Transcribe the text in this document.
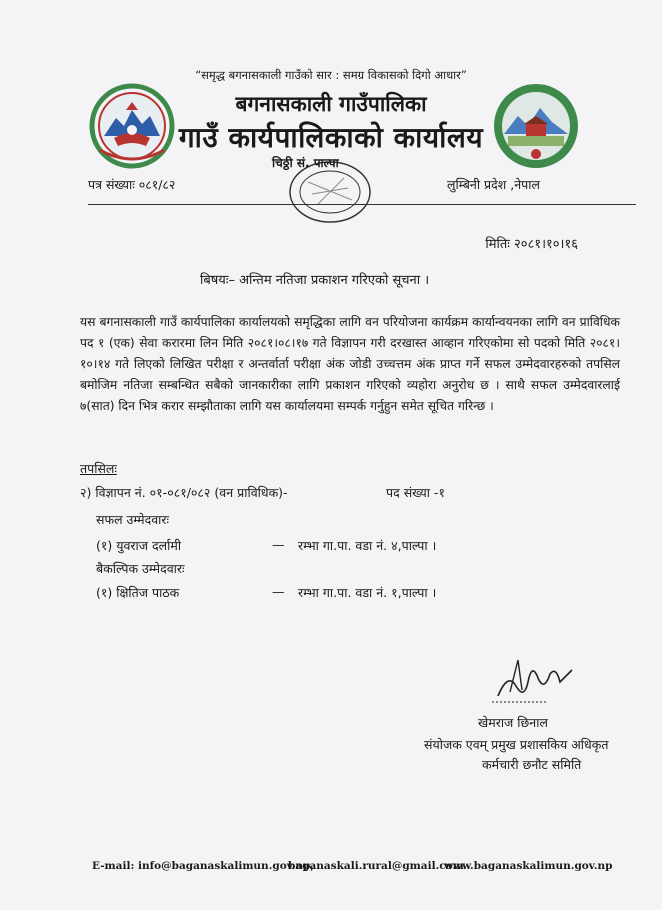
“समृद्ध बगनासकाली गाउँको सार : समग्र विकासको दिगो आधार”
बगनासकाली गाउँपालिका
गाउँ कार्यपालिकाको कार्यालय
चिठ्ठी सं. पाल्पा
पत्र संख्याः ०८१/८२	लुम्बिनी प्रदेश ,नेपाल
मितिः २०८१।१०।१६
बिषयः– अन्तिम नतिजा प्रकाशन गरिएको सूचना ।
यस बगनासकाली गाउँ कार्यपालिका कार्यालयको समृद्धिका लागि वन परियोजना कार्यक्रम कार्यान्वयनका लागि वन प्राविधिक पद १ (एक) सेवा करारमा लिन मिति २०८१।०८।१७ गते विज्ञापन गरी दरखास्त आव्हान गरिएकोमा सो पदको मिति २०८१।१०।१४ गते लिएको लिखित परीक्षा र अन्तर्वार्ता परीक्षा अंक जोडी उच्चत्तम अंक प्राप्त गर्ने सफल उम्मेदवारहरुको तपसिल बमोजिम नतिजा सम्बन्धित सबैको जानकारीका लागि प्रकाशन गरिएको व्यहोरा अनुरोध छ । साथै सफल उम्मेदवारलाई ७(सात) दिन भित्र करार सम्झौताका लागि यस कार्यालयमा सम्पर्क गर्नुहुन समेत सूचित गरिन्छ ।
तपसिलः
२) विज्ञापन नं. ०१-०८१/०८२ (वन प्राविधिक)-	पद संख्या -१
सफल उम्मेदवारः
(१) युवराज दर्लामी	— रम्भा गा.पा. वडा नं. ४,पाल्पा ।
बैकल्पिक उम्मेदवारः
(१) क्षितिज पाठक	— रम्भा गा.पा. वडा नं. १,पाल्पा ।
खेमराज छिनाल
संयोजक एवम् प्रमुख प्रशासकिय अधिकृत
कर्मचारी छनौट समिति
E-mail: info@baganaskalimun.gov.np,
baganaskali.rural@gmail.com
www.baganaskalimun.gov.np
